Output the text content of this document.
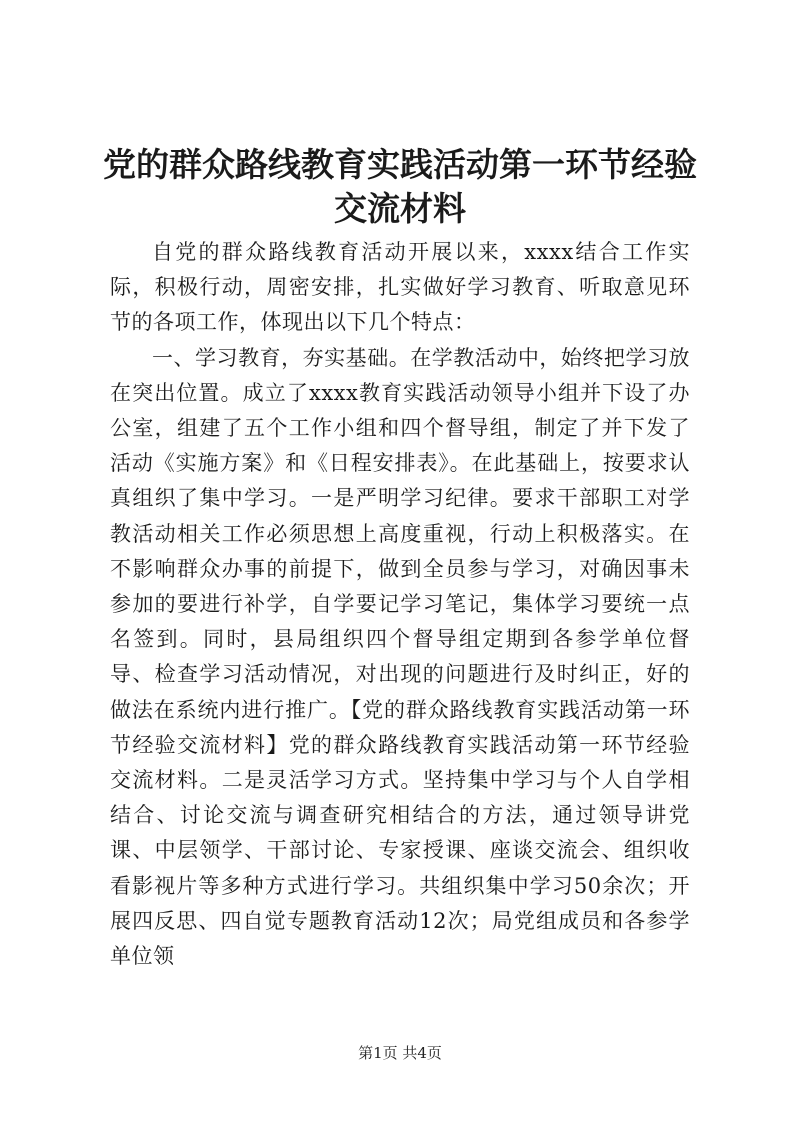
党的群众路线教育实践活动第一环节经验交流材料

自党的群众路线教育活动开展以来，xxxx结合工作实际，积极行动，周密安排，扎实做好学习教育、听取意见环节的各项工作，体现出以下几个特点：

一、学习教育，夯实基础。在学教活动中，始终把学习放在突出位置。成立了xxxx教育实践活动领导小组并下设了办公室，组建了五个工作小组和四个督导组，制定了并下发了活动《实施方案》和《日程安排表》。在此基础上，按要求认真组织了集中学习。一是严明学习纪律。要求干部职工对学教活动相关工作必须思想上高度重视，行动上积极落实。在不影响群众办事的前提下，做到全员参与学习，对确因事未参加的要进行补学，自学要记学习笔记，集体学习要统一点名签到。同时，县局组织四个督导组定期到各参学单位督导、检查学习活动情况，对出现的问题进行及时纠正，好的做法在系统内进行推广。【党的群众路线教育实践活动第一环节经验交流材料】党的群众路线教育实践活动第一环节经验交流材料。二是灵活学习方式。坚持集中学习与个人自学相结合、讨论交流与调查研究相结合的方法，通过领导讲党课、中层领学、干部讨论、专家授课、座谈交流会、组织收看影视片等多种方式进行学习。共组织集中学习50余次；开展四反思、四自觉专题教育活动12次；局党组成员和各参学单位领

第1页 共4页
